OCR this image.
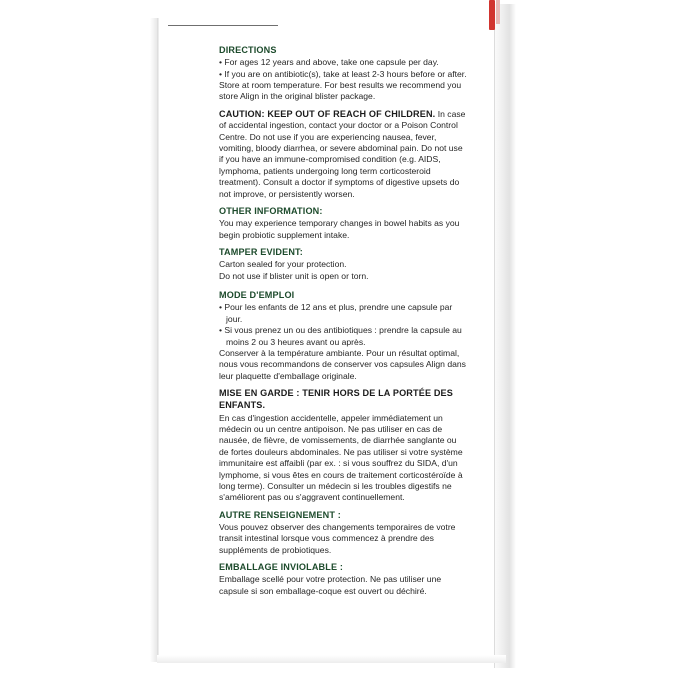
DIRECTIONS

• For ages 12 years and above, take one capsule per day.

• If you are on antibiotic(s), take at least 2-3 hours before or after.

Store at room temperature. For best results we recommend you store Align in the original blister package.

CAUTION: KEEP OUT OF REACH OF CHILDREN. In case of accidental ingestion, contact your doctor or a Poison Control Centre. Do not use if you are experiencing nausea, fever, vomiting, bloody diarrhea, or severe abdominal pain. Do not use if you have an immune-compromised condition (e.g. AIDS, lymphoma, patients undergoing long term corticosteroid treatment). Consult a doctor if symptoms of digestive upsets do not improve, or persistently worsen.

OTHER INFORMATION:

You may experience temporary changes in bowel habits as you begin probiotic supplement intake.

TAMPER EVIDENT:

Carton sealed for your protection.

Do not use if blister unit is open or torn.

MODE D'EMPLOI

• Pour les enfants de 12 ans et plus, prendre une capsule par jour.

• Si vous prenez un ou des antibiotiques : prendre la capsule au moins 2 ou 3 heures avant ou après.

Conserver à la température ambiante. Pour un résultat optimal, nous vous recommandons de conserver vos capsules Align dans leur plaquette d'emballage originale.

MISE EN GARDE : TENIR HORS DE LA PORTÉE DES ENFANTS.

En cas d'ingestion accidentelle, appeler immédiatement un médecin ou un centre antipoison. Ne pas utiliser en cas de nausée, de fièvre, de vomissements, de diarrhée sanglante ou de fortes douleurs abdominales. Ne pas utiliser si votre système immunitaire est affaibli (par ex. : si vous souffrez du SIDA, d'un lymphome, si vous êtes en cours de traitement corticostéroïde à long terme). Consulter un médecin si les troubles digestifs ne s'améliorent pas ou s'aggravent continuellement.

AUTRE RENSEIGNEMENT :

Vous pouvez observer des changements temporaires de votre transit intestinal lorsque vous commencez à prendre des suppléments de probiotiques.

EMBALLAGE INVIOLABLE :

Emballage scellé pour votre protection. Ne pas utiliser une capsule si son emballage-coque est ouvert ou déchiré.
